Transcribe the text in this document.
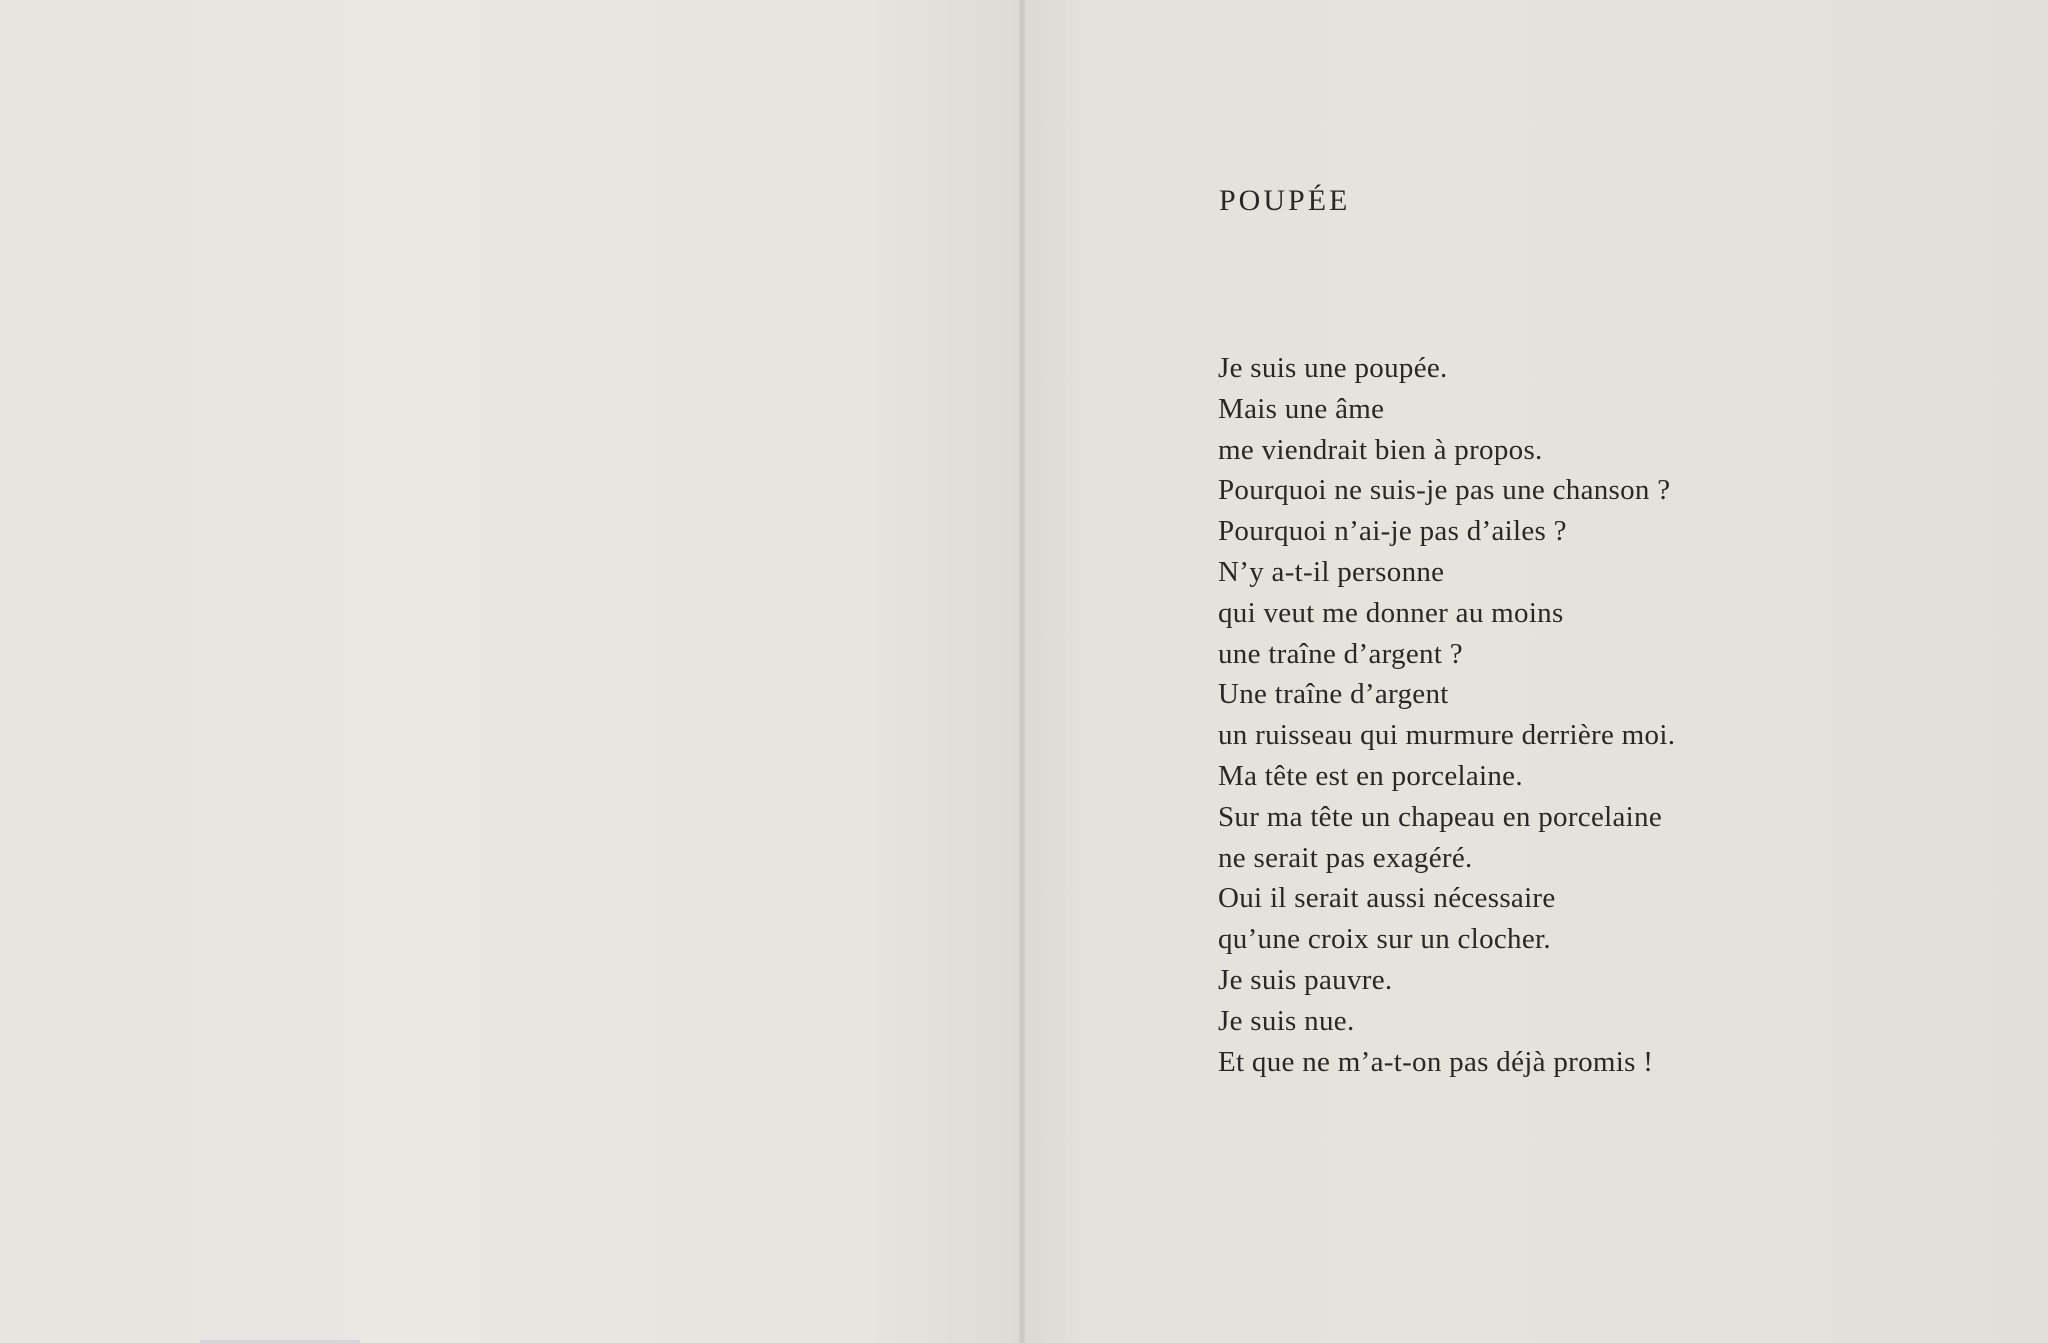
POUPÉE
Je suis une poupée.
Mais une âme
me viendrait bien à propos.
Pourquoi ne suis-je pas une chanson ?
Pourquoi n’ai-je pas d’ailes ?
N’y a-t-il personne
qui veut me donner au moins
une traîne d’argent ?
Une traîne d’argent
un ruisseau qui murmure derrière moi.
Ma tête est en porcelaine.
Sur ma tête un chapeau en porcelaine
ne serait pas exagéré.
Oui il serait aussi nécessaire
qu’une croix sur un clocher.
Je suis pauvre.
Je suis nue.
Et que ne m’a-t-on pas déjà promis !
